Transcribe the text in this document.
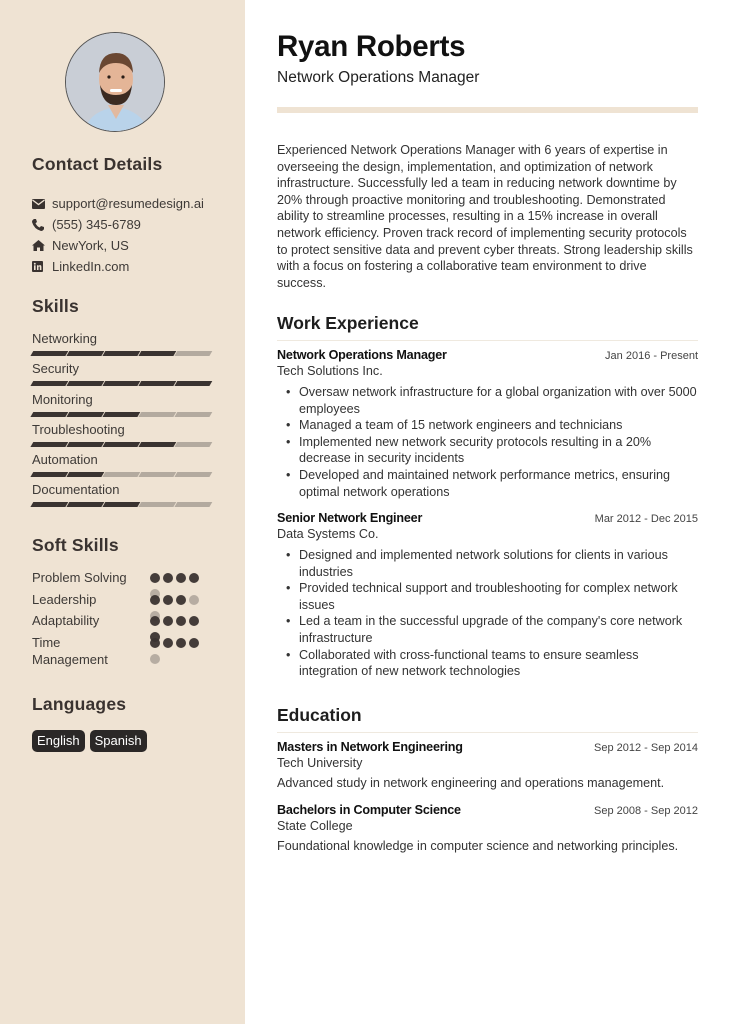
Contact Details
support@resumedesign.ai
(555) 345-6789
NewYork, US
LinkedIn.com
Skills
Networking
Security
Monitoring
Troubleshooting
Automation
Documentation
Soft Skills
Problem Solving
Leadership
Adaptability
Time Management
Languages
English	Spanish
Ryan Roberts
Network Operations Manager
Experienced Network Operations Manager with 6 years of expertise in overseeing the design, implementation, and optimization of network infrastructure. Successfully led a team in reducing network downtime by 20% through proactive monitoring and troubleshooting. Demonstrated ability to streamline processes, resulting in a 15% increase in overall network efficiency. Proven track record of implementing security protocols to protect sensitive data and prevent cyber threats. Strong leadership skills with a focus on fostering a collaborative team environment to drive success.
Work Experience
Network Operations Manager	Jan 2016 - Present
Tech Solutions Inc.
• Oversaw network infrastructure for a global organization with over 5000 employees
• Managed a team of 15 network engineers and technicians
• Implemented new network security protocols resulting in a 20% decrease in security incidents
• Developed and maintained network performance metrics, ensuring optimal network operations
Senior Network Engineer	Mar 2012 - Dec 2015
Data Systems Co.
• Designed and implemented network solutions for clients in various industries
• Provided technical support and troubleshooting for complex network issues
• Led a team in the successful upgrade of the company's core network infrastructure
• Collaborated with cross-functional teams to ensure seamless integration of new network technologies
Education
Masters in Network Engineering	Sep 2012 - Sep 2014
Tech University
Advanced study in network engineering and operations management.
Bachelors in Computer Science	Sep 2008 - Sep 2012
State College
Foundational knowledge in computer science and networking principles.
